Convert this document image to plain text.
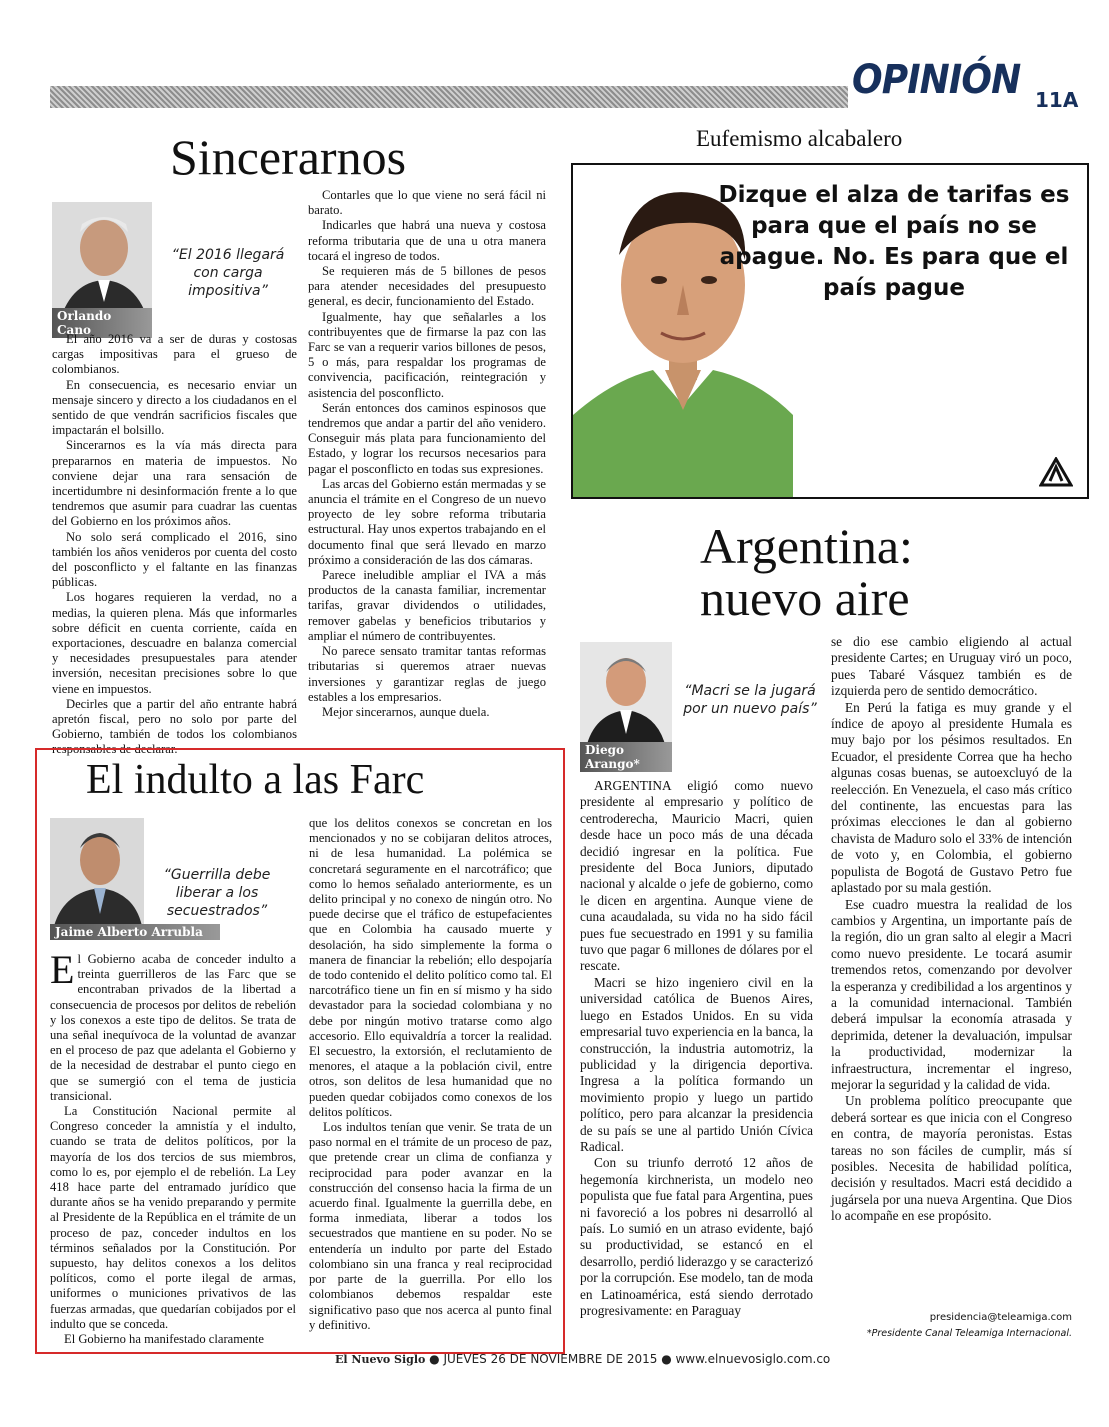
OPINIÓN 11A
Sincerarnos
Orlando Cano
“El 2016 llegará con carga impositiva”

El año 2016 va a ser de duras y costosas cargas impositivas para el grueso de colombianos.

En consecuencia, es necesario enviar un mensaje sincero y directo a los ciudadanos en el sentido de que vendrán sacrificios fiscales que impactarán el bolsillo.

Sincerarnos es la vía más directa para prepararnos en materia de impuestos. No conviene dejar una rara sensación de incertidumbre ni desinformación frente a lo que tendremos que asumir para cuadrar las cuentas del Gobierno en los próximos años.

No solo será complicado el 2016, sino también los años venideros por cuenta del costo del posconflicto y el faltante en las finanzas públicas.

Los hogares requieren la verdad, no a medias, la quieren plena. Más que informarles sobre déficit en cuenta corriente, caída en exportaciones, descuadre en balanza comercial y necesidades presupuestales para atender inversión, necesitan precisiones sobre lo que viene en impuestos.

Decirles que a partir del año entrante habrá apretón fiscal, pero no solo por parte del Gobierno, también de todos los colombianos responsables de declarar.

Contarles que lo que viene no será fácil ni barato.

Indicarles que habrá una nueva y costosa reforma tributaria que de una u otra manera tocará el ingreso de todos.

Se requieren más de 5 billones de pesos para atender necesidades del presupuesto general, es decir, funcionamiento del Estado.

Igualmente, hay que señalarles a los contribuyentes que de firmarse la paz con las Farc se van a requerir varios billones de pesos, 5 o más, para respaldar los programas de convivencia, pacificación, reintegración y asistencia del posconflicto.

Serán entonces dos caminos espinosos que tendremos que andar a partir del año venidero. Conseguir más plata para funcionamiento del Estado, y lograr los recursos necesarios para pagar el posconflicto en todas sus expresiones.

Las arcas del Gobierno están mermadas y se anuncia el trámite en el Congreso de un nuevo proyecto de ley sobre reforma tributaria estructural. Hay unos expertos trabajando en el documento final que será llevado en marzo próximo a consideración de las dos cámaras.

Parece ineludible ampliar el IVA a más productos de la canasta familiar, incrementar tarifas, gravar dividendos o utilidades, remover gabelas y beneficios tributarios y ampliar el número de contribuyentes.

No parece sensato tramitar tantas reformas tributarias si queremos atraer nuevas inversiones y garantizar reglas de juego estables a los empresarios.

Mejor sincerarnos, aunque duela.

Eufemismo alcabalero
Dizque el alza de tarifas es para que el país no se apague. No. Es para que el país pague
Argentina:
nuevo aire
Diego Arango*
“Macri se la jugará por un nuevo país”

ARGENTINA eligió como nuevo presidente al empresario y político de centroderecha, Mauricio Macri, quien desde hace un poco más de una década decidió ingresar en la política. Fue presidente del Boca Juniors, diputado nacional y alcalde o jefe de gobierno, como le dicen en argentina. Aunque viene de cuna acaudalada, su vida no ha sido fácil pues fue secuestrado en 1991 y su familia tuvo que pagar 6 millones de dólares por el rescate.

Macri se hizo ingeniero civil en la universidad católica de Buenos Aires, luego en Estados Unidos. En su vida empresarial tuvo experiencia en la banca, la construcción, la industria automotriz, la publicidad y la dirigencia deportiva. Ingresa a la política formando un movimiento propio y luego un partido político, pero para alcanzar la presidencia de su país se une al partido Unión Cívica Radical.

Con su triunfo derrotó 12 años de hegemonía kirchnerista, un modelo neo populista que fue fatal para Argentina, pues ni favoreció a los pobres ni desarrolló al país. Lo sumió en un atraso evidente, bajó su productividad, se estancó en el desarrollo, perdió liderazgo y se caracterizó por la corrupción. Ese modelo, tan de moda en Latinoamérica, está siendo derrotado progresivamente: en Paraguay

se dio ese cambio eligiendo al actual presidente Cartes; en Uruguay viró un poco, pues Tabaré Vásquez también es de izquierda pero de sentido democrático.

En Perú la fatiga es muy grande y el índice de apoyo al presidente Humala es muy bajo por los pésimos resultados. En Ecuador, el presidente Correa que ha hecho algunas cosas buenas, se autoexcluyó de la reelección. En Venezuela, el caso más crítico del continente, las encuestas para las próximas elecciones le dan al gobierno chavista de Maduro solo el 33% de intención de voto y, en Colombia, el gobierno populista de Bogotá de Gustavo Petro fue aplastado por su mala gestión.

Ese cuadro muestra la realidad de los cambios y Argentina, un importante país de la región, dio un gran salto al elegir a Macri como nuevo presidente. Le tocará asumir tremendos retos, comenzando por devolver la esperanza y credibilidad a los argentinos y a la comunidad internacional. También deberá impulsar la economía atrasada y deprimida, detener la devaluación, impulsar la productividad, modernizar la infraestructura, incrementar el ingreso, mejorar la seguridad y la calidad de vida.

Un problema político preocupante que deberá sortear es que inicia con el Congreso en contra, de mayoría peronistas. Estas tareas no son fáciles de cumplir, más sí posibles. Necesita de habilidad política, decisión y resultados. Macri está decidido a jugársela por una nueva Argentina. Que Dios lo acompañe en ese propósito.

presidencia@teleamiga.com
*Presidente Canal Teleamiga Internacional.
El indulto a las Farc
Jaime Alberto Arrubla
“Guerrilla debe liberar a los secuestrados”

El Gobierno acaba de conceder indulto a treinta guerrilleros de las Farc que se encontraban privados de la libertad a consecuencia de procesos por delitos de rebelión y los conexos a este tipo de delitos. Se trata de una señal inequívoca de la voluntad de avanzar en el proceso de paz que adelanta el Gobierno y de la necesidad de destrabar el punto ciego en que se sumergió con el tema de justicia transicional.

La Constitución Nacional permite al Congreso conceder la amnistía y el indulto, cuando se trata de delitos políticos, por la mayoría de los dos tercios de sus miembros, como lo es, por ejemplo el de rebelión. La Ley 418 hace parte del entramado jurídico que durante años se ha venido preparando y permite al Presidente de la República en el trámite de un proceso de paz, conceder indultos en los términos señalados por la Constitución. Por supuesto, hay delitos conexos a los delitos políticos, como el porte ilegal de armas, uniformes o municiones privativos de las fuerzas armadas, que quedarían cobijados por el indulto que se conceda.

El Gobierno ha manifestado claramente

que los delitos conexos se concretan en los mencionados y no se cobijaran delitos atroces, ni de lesa humanidad. La polémica se concretará seguramente en el narcotráfico; que como lo hemos señalado anteriormente, es un delito principal y no conexo de ningún otro. No puede decirse que el tráfico de estupefacientes que en Colombia ha causado muerte y desolación, ha sido simplemente la forma o manera de financiar la rebelión; ello despojaría de todo contenido el delito político como tal. El narcotráfico tiene un fin en sí mismo y ha sido devastador para la sociedad colombiana y no debe por ningún motivo tratarse como algo accesorio. Ello equivaldría a torcer la realidad. El secuestro, la extorsión, el reclutamiento de menores, el ataque a la población civil, entre otros, son delitos de lesa humanidad que no pueden quedar cobijados como conexos de los delitos políticos.

Los indultos tenían que venir. Se trata de un paso normal en el trámite de un proceso de paz, que pretende crear un clima de confianza y reciprocidad para poder avanzar en la construcción del consenso hacia la firma de un acuerdo final. Igualmente la guerrilla debe, en forma inmediata, liberar a todos los secuestrados que mantiene en su poder. No se entendería un indulto por parte del Estado colombiano sin una franca y real reciprocidad por parte de la guerrilla. Por ello los colombianos debemos respaldar este significativo paso que nos acerca al punto final y definitivo.

El Nuevo Siglo ● JUEVES 26 DE NOVIEMBRE DE 2015 ● www.elnuevosiglo.com.co
